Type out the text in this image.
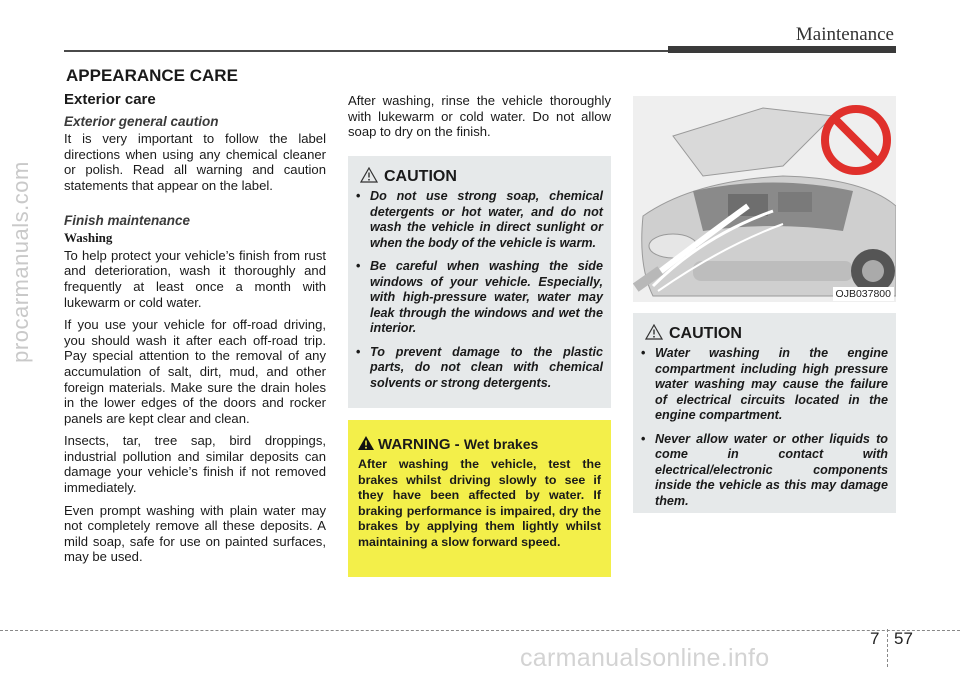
procarmanuals.com
carmanualsonline.info
Maintenance
APPEARANCE CARE
Exterior care
Exterior general caution

It is very important to follow the label directions when using any chemical cleaner or polish. Read all warning and caution statements that appear on the label.

Finish maintenance
Washing

To help protect your vehicle’s finish from rust and deterioration, wash it thoroughly and frequently at least once a month with lukewarm or cold water.

If you use your vehicle for off-road driving, you should wash it after each off-road trip. Pay special attention to the removal of any accumulation of salt, dirt, mud, and other foreign materials. Make sure the drain holes in the lower edges of the doors and rocker panels are kept clear and clean.

Insects, tar, tree sap, bird droppings, industrial pollution and similar deposits can damage your vehicle’s finish if not removed immediately.

Even prompt washing with plain water may not completely remove all these deposits. A mild soap, safe for use on painted surfaces, may be used.

After washing, rinse the vehicle thoroughly with lukewarm or cold water. Do not allow soap to dry on the finish.
CAUTION
• Do not use strong soap, chemical detergents or hot water, and do not wash the vehicle in direct sunlight or when the body of the vehicle is warm.
• Be careful when washing the side windows of your vehicle. Especially, with high-pressure water, water may leak through the windows and wet the interior.
• To prevent damage to the plastic parts, do not clean with chemical solvents or strong detergents.
WARNING - Wet brakes
After washing the vehicle, test the brakes whilst driving slowly to see if they have been affected by water. If braking performance is impaired, dry the brakes by applying them lightly whilst maintaining a slow forward speed.
OJB037800
CAUTION
• Water washing in the engine compartment including high pressure water washing may cause the failure of electrical circuits located in the engine compartment.
• Never allow water or other liquids to come in contact with electrical/electronic components inside the vehicle as this may damage them.
7 57
